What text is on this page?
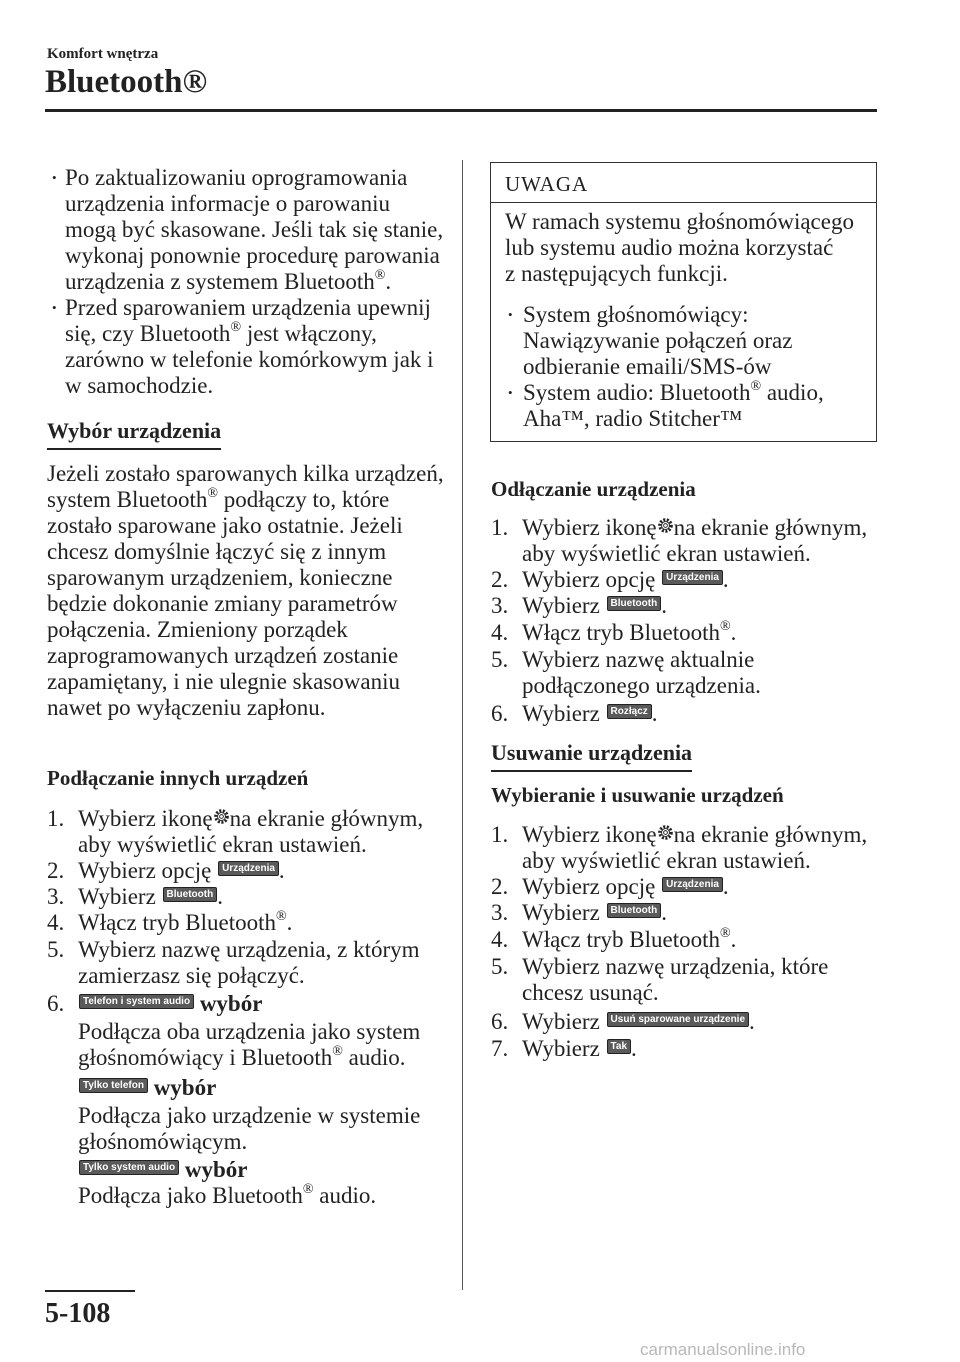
Komfort wnętrza
Bluetooth®
• Po zaktualizowaniu oprogramowania
urządzenia informacje o parowaniu
mogą być skasowane. Jeśli tak się stanie,
wykonaj ponownie procedurę parowania
urządzenia z systemem Bluetooth®.
• Przed sparowaniem urządzenia upewnij
się, czy Bluetooth® jest włączony,
zarówno w telefonie komórkowym jak i
w samochodzie.
Wybór urządzenia
Jeżeli zostało sparowanych kilka urządzeń,
system Bluetooth® podłączy to, które
zostało sparowane jako ostatnie. Jeżeli
chcesz domyślnie łączyć się z innym
sparowanym urządzeniem, konieczne
będzie dokonanie zmiany parametrów
połączenia. Zmieniony porządek
zaprogramowanych urządzeń zostanie
zapamiętany, i nie ulegnie skasowaniu
nawet po wyłączeniu zapłonu.
Podłączanie innych urządzeń
1. Wybierz ikonę na ekranie głównym,
aby wyświetlić ekran ustawień.
2. Wybierz opcję Urządzenia .
3. Wybierz Bluetooth .
4. Włącz tryb Bluetooth®.
5. Wybierz nazwę urządzenia, z którym
zamierzasz się połączyć.
6.	Telefon i system audio wybór
Podłącza oba urządzenia jako system
głośnomówiący i Bluetooth® audio.
Tylko telefon wybór
Podłącza jako urządzenie w systemie
głośnomówiącym.
Tylko system audio wybór
Podłącza jako Bluetooth® audio.
UWAGA
W ramach systemu głośnomówiącego
lub systemu audio można korzystać
z następujących funkcji.
• System głośnomówiący:
Nawiązywanie połączeń oraz
odbieranie emaili/SMS-ów
• System audio: Bluetooth® audio,
Aha™, radio Stitcher™
Odłączanie urządzenia
1. Wybierz ikonę na ekranie głównym,
aby wyświetlić ekran ustawień.
2. Wybierz opcję Urządzenia .
3. Wybierz Bluetooth .
4. Włącz tryb Bluetooth®.
5. Wybierz nazwę aktualnie
podłączonego urządzenia.
6. Wybierz Rozłącz .
Usuwanie urządzenia
Wybieranie i usuwanie urządzeń
1. Wybierz ikonę na ekranie głównym,
aby wyświetlić ekran ustawień.
2. Wybierz opcję Urządzenia .
3. Wybierz Bluetooth .
4. Włącz tryb Bluetooth®.
5. Wybierz nazwę urządzenia, które
chcesz usunąć.
6. Wybierz Usuń sparowane urządzenie .
7. Wybierz Tak .
5-108
carmanualsonline.info
